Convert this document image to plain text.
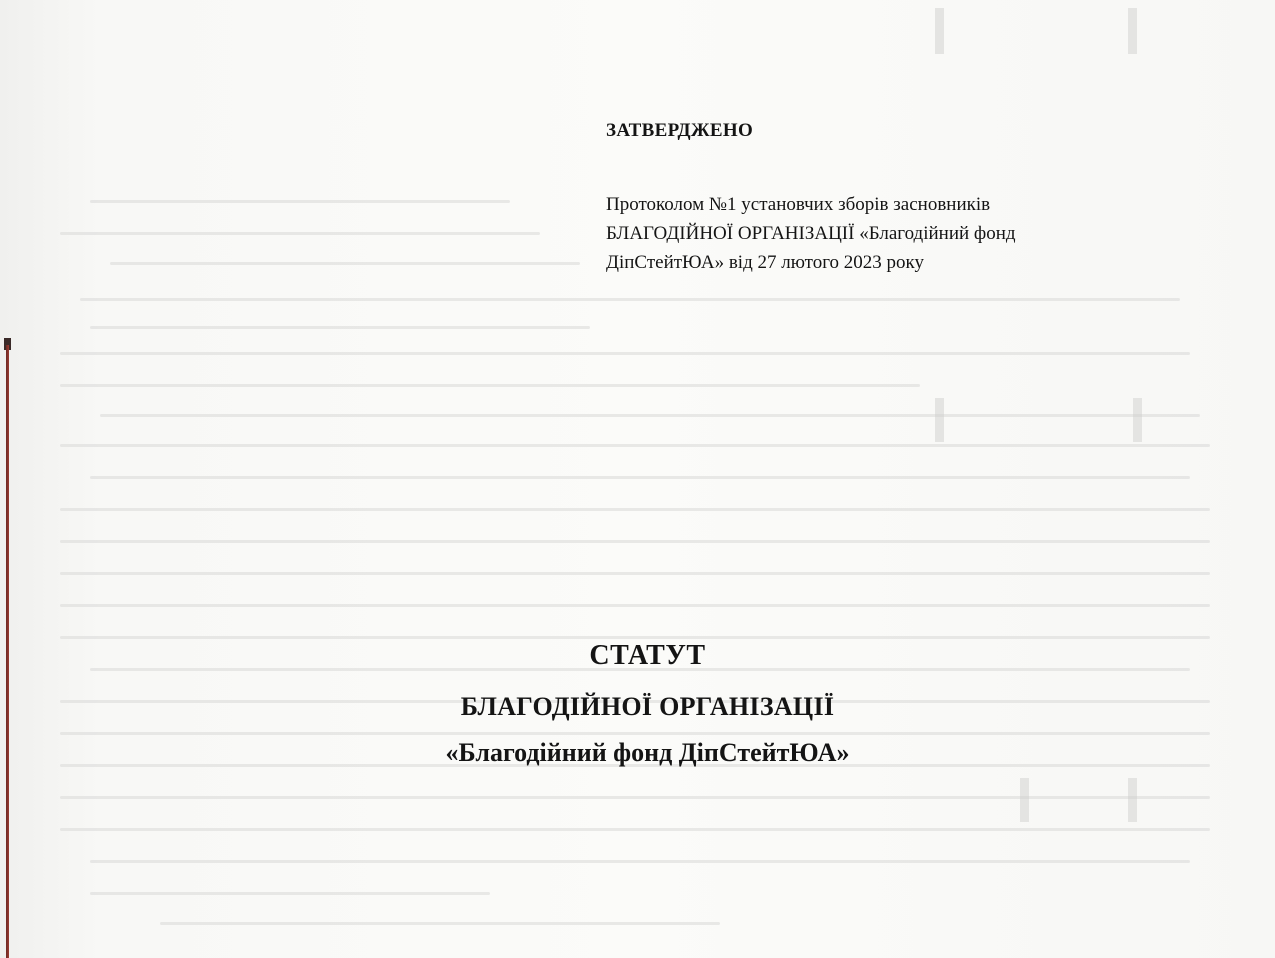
ЗАТВЕРДЖЕНО

Протоколом №1 установчих зборів засновників

БЛАГОДІЙНОЇ ОРГАНІЗАЦІЇ «Благодійний фонд

ДіпСтейтЮА» від 27 лютого 2023 року

СТАТУТ

БЛАГОДІЙНОЇ ОРГАНІЗАЦІЇ

«Благодійний фонд ДіпСтейтЮА»
